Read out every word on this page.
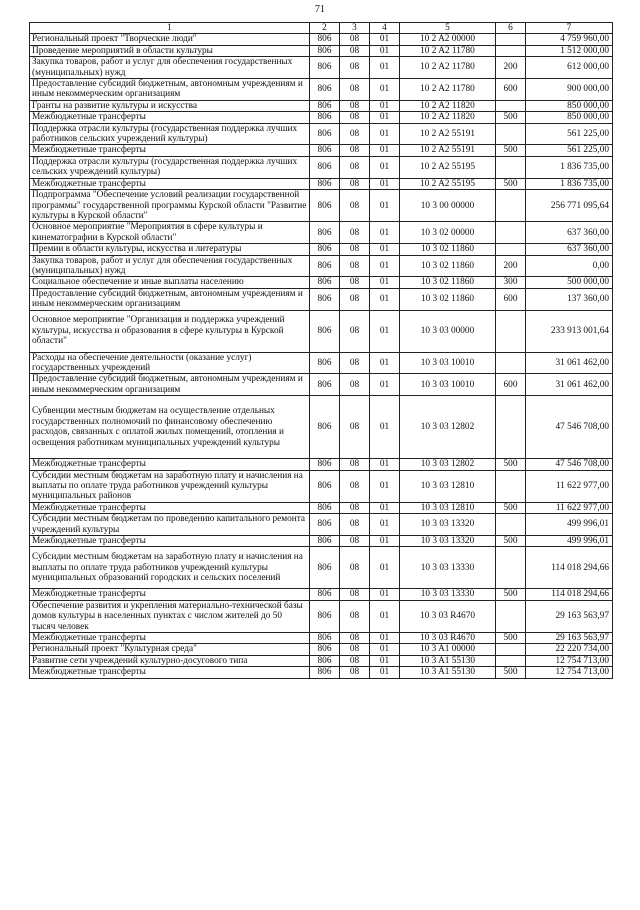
71
1	2	3	4	5	6	7
Региональный проект "Творческие люди"	806	08	01	10 2 A2 00000		4 759 960,00
Проведение мероприятий в области культуры	806	08	01	10 2 A2 11780		1 512 000,00
Закупка товаров, работ и услуг для обеспечения государственных (муниципальных) нужд	806	08	01	10 2 A2 11780	200	612 000,00
Предоставление субсидий бюджетным, автономным учреждениям и иным некоммерческим организациям	806	08	01	10 2 A2 11780	600	900 000,00
Гранты на развитие культуры и искусства	806	08	01	10 2 A2 11820		850 000,00
Межбюджетные трансферты	806	08	01	10 2 A2 11820	500	850 000,00
Поддержка отрасли культуры (государственная поддержка лучших работников сельских учреждений культуры)	806	08	01	10 2 A2 55191		561 225,00
Межбюджетные трансферты	806	08	01	10 2 A2 55191	500	561 225,00
Поддержка отрасли культуры (государственная поддержка лучших сельских учреждений культуры)	806	08	01	10 2 A2 55195		1 836 735,00
Межбюджетные трансферты	806	08	01	10 2 A2 55195	500	1 836 735,00
Подпрограмма "Обеспечение условий реализации государственной программы" государственной программы Курской области "Развитие культуры в Курской области"	806	08	01	10 3 00 00000		256 771 095,64
Основное мероприятие "Мероприятия в сфере культуры и кинематографии в Курской области"	806	08	01	10 3 02 00000		637 360,00
Премии в области культуры, искусства и литературы	806	08	01	10 3 02 11860		637 360,00
Закупка товаров, работ и услуг для обеспечения государственных (муниципальных) нужд	806	08	01	10 3 02 11860	200	0,00
Социальное обеспечение и иные выплаты населению	806	08	01	10 3 02 11860	300	500 000,00
Предоставление субсидий бюджетным, автономным учреждениям и иным некоммерческим организациям	806	08	01	10 3 02 11860	600	137 360,00
Основное мероприятие "Организация и поддержка учреждений культуры, искусства и образования в сфере культуры в Курской области"	806	08	01	10 3 03 00000		233 913 001,64
Расходы на обеспечение деятельности (оказание услуг) государственных учреждений	806	08	01	10 3 03 10010		31 061 462,00
Предоставление субсидий бюджетным, автономным учреждениям и иным некоммерческим организациям	806	08	01	10 3 03 10010	600	31 061 462,00
Субвенции местным бюджетам на осуществление отдельных государственных полномочий по финансовому обеспечению расходов, связанных с оплатой жилых помещений, отопления и освещения работникам муниципальных учреждений культуры	806	08	01	10 3 03 12802		47 546 708,00
Межбюджетные трансферты	806	08	01	10 3 03 12802	500	47 546 708,00
Субсидии местным бюджетам на заработную плату и начисления на выплаты по оплате труда работников учреждений культуры муниципальных районов	806	08	01	10 3 03 12810		11 622 977,00
Межбюджетные трансферты	806	08	01	10 3 03 12810	500	11 622 977,00
Субсидии местным бюджетам по проведению капитального ремонта учреждений культуры	806	08	01	10 3 03 13320		499 996,01
Межбюджетные трансферты	806	08	01	10 3 03 13320	500	499 996,01
Субсидии местным бюджетам на заработную плату и начисления на выплаты по оплате труда работников учреждений культуры муниципальных образований городских и сельских поселений	806	08	01	10 3 03 13330		114 018 294,66
Межбюджетные трансферты	806	08	01	10 3 03 13330	500	114 018 294,66
Обеспечение развития и укрепления материально-технической базы домов культуры в населенных пунктах с числом жителей до 50 тысяч человек	806	08	01	10 3 03 R4670		29 163 563,97
Межбюджетные трансферты	806	08	01	10 3 03 R4670	500	29 163 563,97
Региональный проект "Культурная среда"	806	08	01	10 3 A1 00000		22 220 734,00
Развитие сети учреждений культурно-досугового типа	806	08	01	10 3 A1 55130		12 754 713,00
Межбюджетные трансферты	806	08	01	10 3 A1 55130	500	12 754 713,00
